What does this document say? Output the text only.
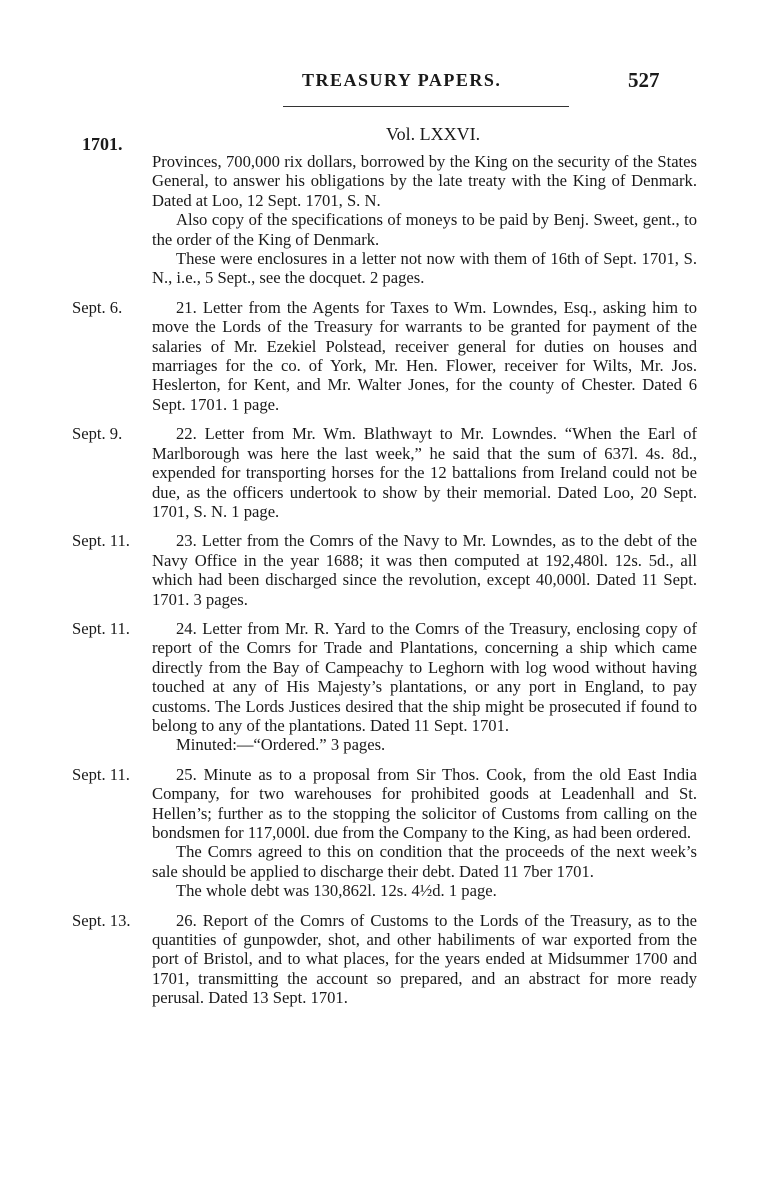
TREASURY PAPERS.	527
1701.	Vol. LXXVI.

Provinces, 700,000 rix dollars, borrowed by the King on the security of the States General, to answer his obligations by the late treaty with the King of Denmark. Dated at Loo, 12 Sept. 1701, S. N.

Also copy of the specifications of moneys to be paid by Benj. Sweet, gent., to the order of the King of Denmark.

These were enclosures in a letter not now with them of 16th of Sept. 1701, S. N., i.e., 5 Sept., see the docquet. 2 pages.

Sept. 6.	21. Letter from the Agents for Taxes to Wm. Lowndes, Esq., asking him to move the Lords of the Treasury for warrants to be granted for payment of the salaries of Mr. Ezekiel Polstead, receiver general for duties on houses and marriages for the co. of York, Mr. Hen. Flower, receiver for Wilts, Mr. Jos. Heslerton, for Kent, and Mr. Walter Jones, for the county of Chester. Dated 6 Sept. 1701. 1 page.

Sept. 9.	22. Letter from Mr. Wm. Blathwayt to Mr. Lowndes. “When the Earl of Marlborough was here the last week,” he said that the sum of 637l. 4s. 8d., expended for transporting horses for the 12 battalions from Ireland could not be due, as the officers undertook to show by their memorial. Dated Loo, 20 Sept. 1701, S. N. 1 page.

Sept. 11.	23. Letter from the Comrs of the Navy to Mr. Lowndes, as to the debt of the Navy Office in the year 1688; it was then computed at 192,480l. 12s. 5d., all which had been discharged since the revolution, except 40,000l. Dated 11 Sept. 1701. 3 pages.

Sept. 11.	24. Letter from Mr. R. Yard to the Comrs of the Treasury, enclosing copy of report of the Comrs for Trade and Plantations, concerning a ship which came directly from the Bay of Campeachy to Leghorn with log wood without having touched at any of His Majesty’s plantations, or any port in England, to pay customs. The Lords Justices desired that the ship might be prosecuted if found to belong to any of the plantations. Dated 11 Sept. 1701.

Minuted:—“Ordered.” 3 pages.

Sept. 11.	25. Minute as to a proposal from Sir Thos. Cook, from the old East India Company, for two warehouses for prohibited goods at Leadenhall and St. Hellen’s; further as to the stopping the solicitor of Customs from calling on the bondsmen for 117,000l. due from the Company to the King, as had been ordered.

The Comrs agreed to this on condition that the proceeds of the next week’s sale should be applied to discharge their debt. Dated 11 7ber 1701.

The whole debt was 130,862l. 12s. 4½d. 1 page.

Sept. 13.	26. Report of the Comrs of Customs to the Lords of the Treasury, as to the quantities of gunpowder, shot, and other habiliments of war exported from the port of Bristol, and to what places, for the years ended at Midsummer 1700 and 1701, transmitting the account so prepared, and an abstract for more ready perusal. Dated 13 Sept. 1701.
